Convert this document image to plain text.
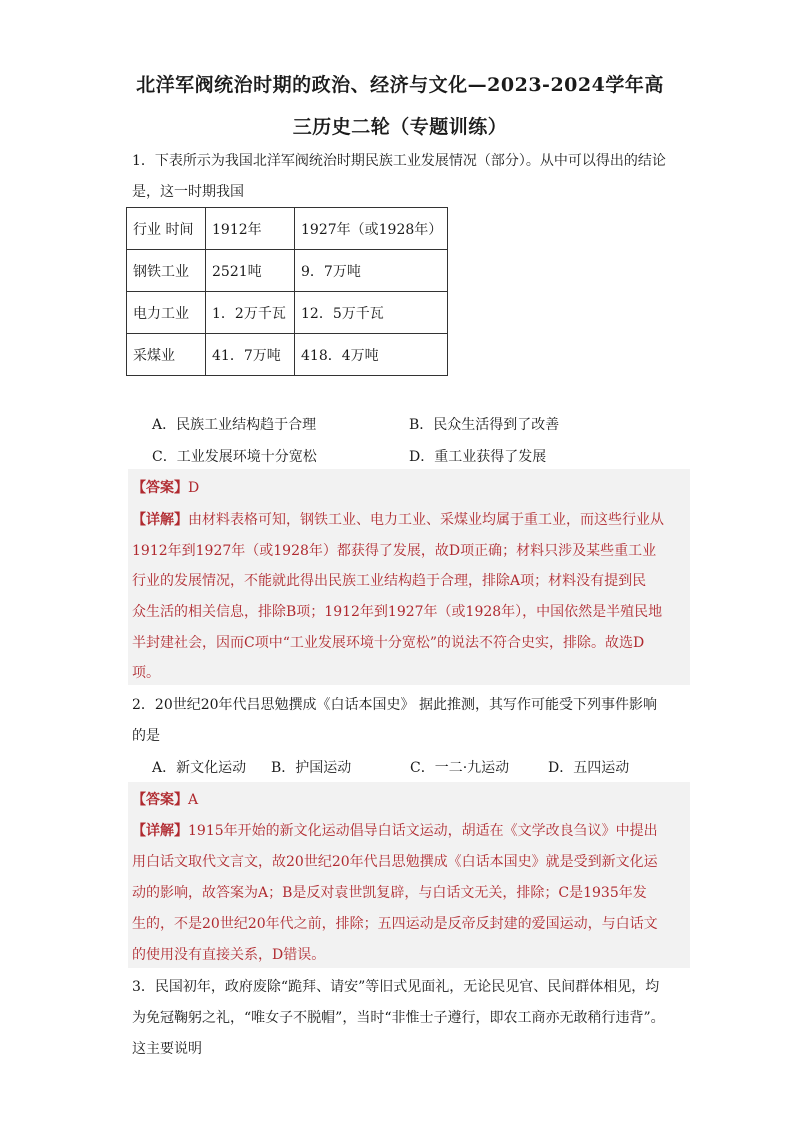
北洋军阀统治时期的政治、经济与文化—2023-2024学年高
三历史二轮（专题训练）
1．下表所示为我国北洋军阀统治时期民族工业发展情况（部分）。从中可以得出的结论
是，这一时期我国
行业 时间	1912年	1927年（或1928年）
钢铁工业	2521吨	9．7万吨
电力工业	1．2万千瓦	12．5万千瓦
采煤业	41．7万吨	418．4万吨
A．民族工业结构趋于合理	B．民众生活得到了改善
C．工业发展环境十分宽松	D．重工业获得了发展
【答案】D
【详解】由材料表格可知，钢铁工业、电力工业、采煤业均属于重工业，而这些行业从
1912年到1927年（或1928年）都获得了发展，故D项正确；材料只涉及某些重工业
行业的发展情况，不能就此得出民族工业结构趋于合理，排除A项；材料没有提到民
众生活的相关信息，排除B项；1912年到1927年（或1928年），中国依然是半殖民地
半封建社会，因而C项中“工业发展环境十分宽松”的说法不符合史实，排除。故选D
项。
2．20世纪20年代吕思勉撰成《白话本国史》 据此推测，其写作可能受下列事件影响
的是
A．新文化运动 B．护国运动	C．一二·九运动	D．五四运动
【答案】A
【详解】1915年开始的新文化运动倡导白话文运动，胡适在《文学改良刍议》中提出
用白话文取代文言文，故20世纪20年代吕思勉撰成《白话本国史》就是受到新文化运
动的影响，故答案为A；B是反对袁世凯复辟，与白话文无关，排除；C是1935年发
生的，不是20世纪20年代之前，排除；五四运动是反帝反封建的爱国运动，与白话文
的使用没有直接关系，D错误。
3．民国初年，政府废除“跪拜、请安”等旧式见面礼，无论民见官、民间群体相见，均
为免冠鞠躬之礼，“唯女子不脱帽”，当时“非惟士子遵行，即农工商亦无敢稍行违背”。
这主要说明
